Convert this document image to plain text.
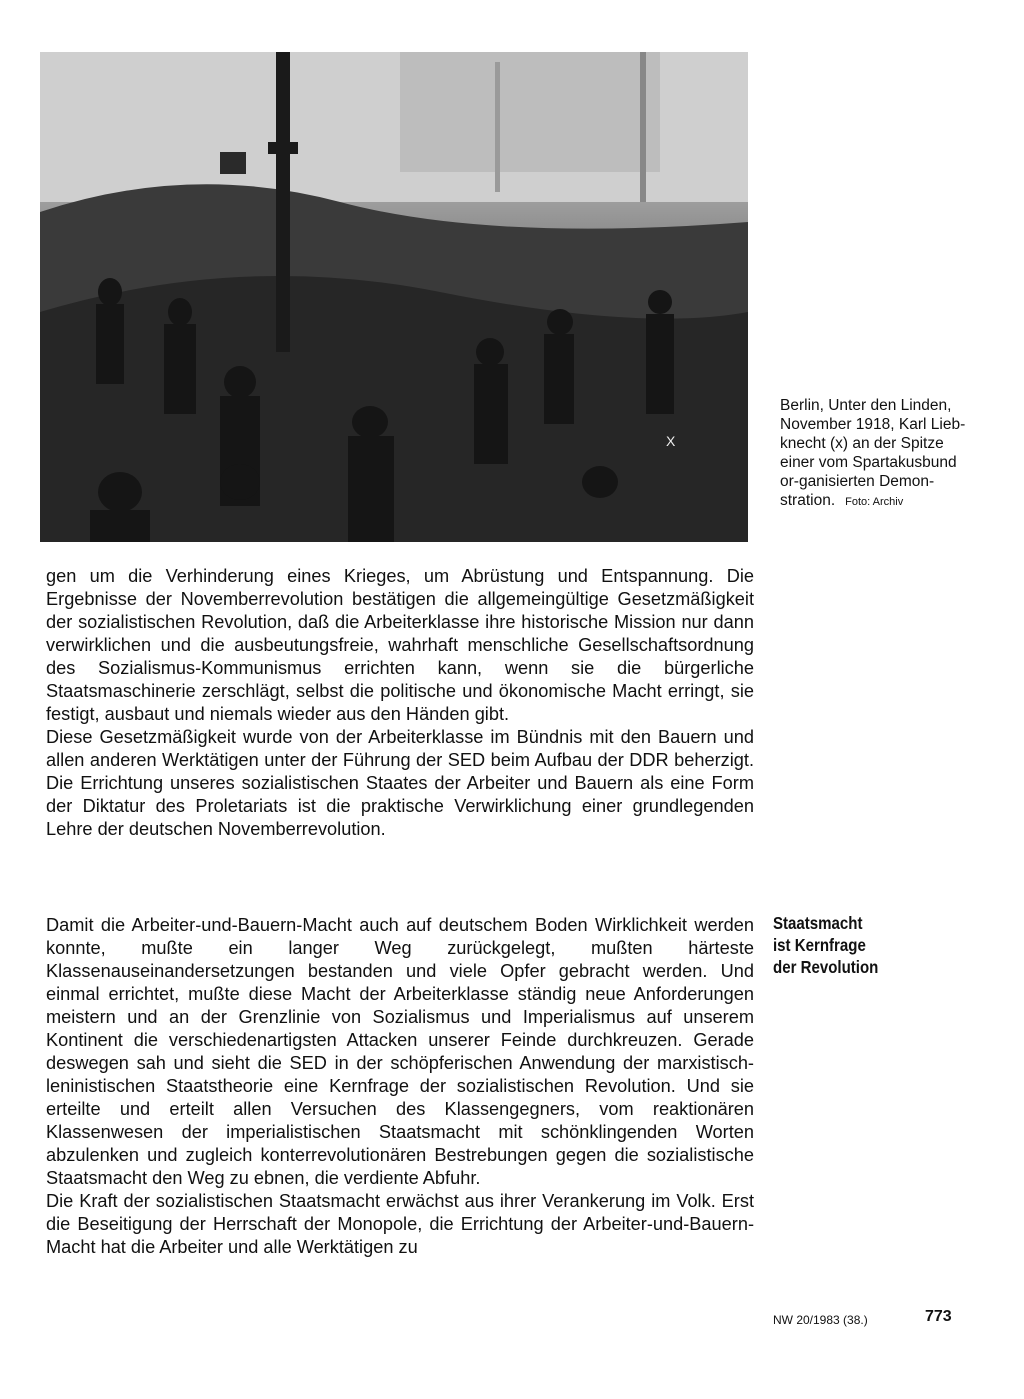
X
Berlin, Unter den Linden, November 1918, Karl Lieb-knecht (x) an der Spitze einer vom Spartakusbund or-ganisierten Demon-stration. Foto: Archiv

gen um die Verhinderung eines Krieges, um Abrüstung und Entspannung. Die Ergebnisse der Novemberrevolution bestätigen die allgemeingültige Gesetzmäßigkeit der sozialistischen Revolution, daß die Arbeiterklasse ihre historische Mission nur dann verwirklichen und die ausbeutungsfreie, wahrhaft menschliche Gesellschaftsordnung des Sozialismus-Kommunismus errichten kann, wenn sie die bürgerliche Staatsmaschinerie zerschlägt, selbst die politische und ökonomische Macht erringt, sie festigt, ausbaut und niemals wieder aus den Händen gibt.

Diese Gesetzmäßigkeit wurde von der Arbeiterklasse im Bündnis mit den Bauern und allen anderen Werktätigen unter der Führung der SED beim Aufbau der DDR beherzigt. Die Errichtung unseres sozialistischen Staates der Arbeiter und Bauern als eine Form der Diktatur des Proletariats ist die praktische Verwirklichung einer grundlegenden Lehre der deutschen Novemberrevolution.

Staatsmacht
ist Kernfrage
der Revolution

Damit die Arbeiter-und-Bauern-Macht auch auf deutschem Boden Wirklichkeit werden konnte, mußte ein langer Weg zurückgelegt, mußten härteste Klassenauseinandersetzungen bestanden und viele Opfer gebracht werden. Und einmal errichtet, mußte diese Macht der Arbeiterklasse ständig neue Anforderungen meistern und an der Grenzlinie von Sozialismus und Imperialismus auf unserem Kontinent die verschiedenartigsten Attacken unserer Feinde durchkreuzen. Gerade deswegen sah und sieht die SED in der schöpferischen Anwendung der marxistisch-leninistischen Staatstheorie eine Kernfrage der sozialistischen Revolution. Und sie erteilte und erteilt allen Versuchen des Klassengegners, vom reaktionären Klassenwesen der imperialistischen Staatsmacht mit schönklingenden Worten abzulenken und zugleich konterrevolutionären Bestrebungen gegen die sozialistische Staatsmacht den Weg zu ebnen, die verdiente Abfuhr.

Die Kraft der sozialistischen Staatsmacht erwächst aus ihrer Verankerung im Volk. Erst die Beseitigung der Herrschaft der Monopole, die Errichtung der Arbeiter-und-Bauern-Macht hat die Arbeiter und alle Werktätigen zu

NW 20/1983 (38.)	773
